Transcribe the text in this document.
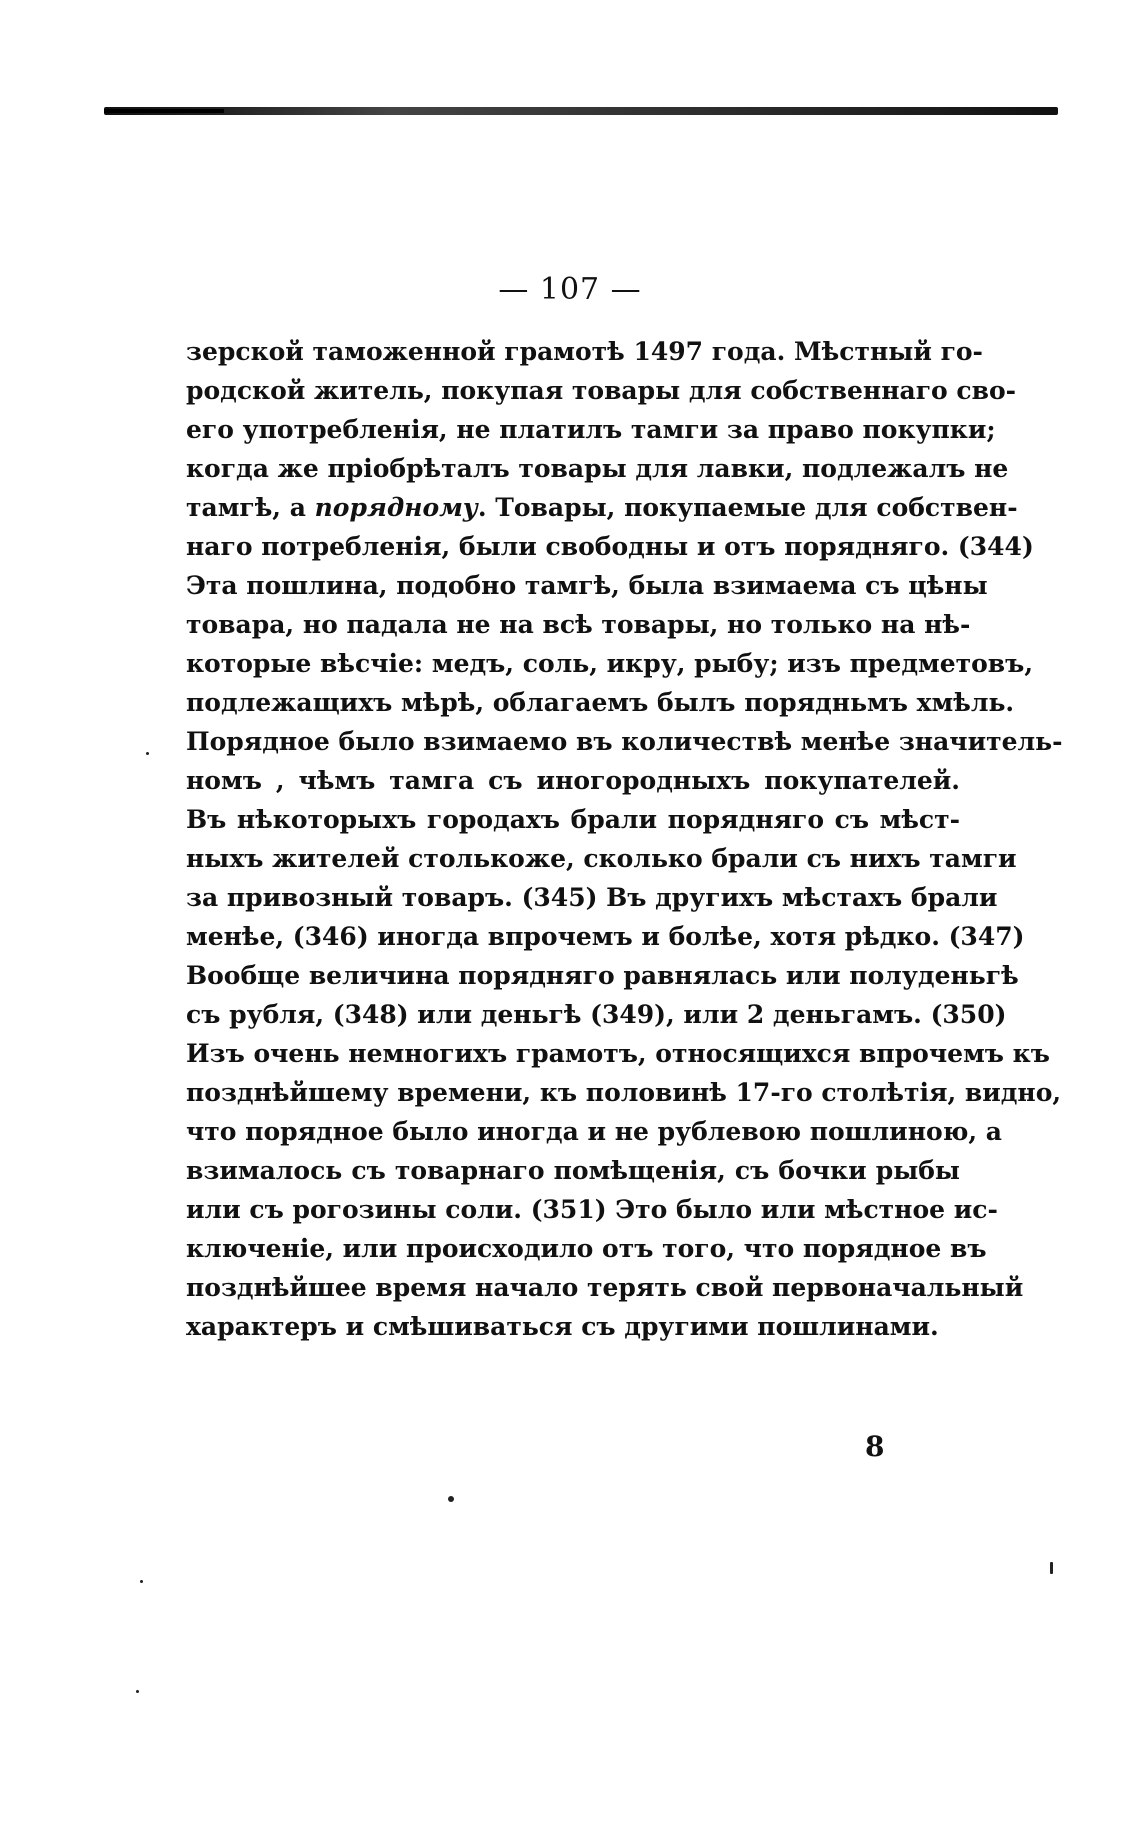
— 107 —
зерской таможенной грамотѣ 1497 года. Мѣстный го-
родской житель, покупая товары для собственнаго сво-
его употребленія, не платилъ тамги за право покупки;
когда же пріобрѣталъ товары для лавки, подлежалъ не
тамгѣ, а порядному. Товары, покупаемые для собствен-
наго потребленія, были свободны и отъ порядняго. (344)
Эта пошлина, подобно тамгѣ, была взимаема съ цѣны
товара, но падала не на всѣ товары, но только на нѣ-
которые вѣсчіе: медъ, соль, икру, рыбу; изъ предметовъ,
подлежащихъ мѣрѣ, облагаемъ былъ порядньмъ хмѣль.
Порядное было взимаемо въ количествѣ менѣе значитель-
номъ , чѣмъ тамга съ иногородныхъ покупателей.
Въ нѣкоторыхъ городахъ брали порядняго съ мѣст-
ныхъ жителей столькоже, сколько брали съ нихъ тамги
за привозный товаръ. (345) Въ другихъ мѣстахъ брали
менѣе, (346) иногда впрочемъ и болѣе, хотя рѣдко. (347)
Вообще величина порядняго равнялась или полуденьгѣ
съ рубля, (348) или деньгѣ (349), или 2 деньгамъ. (350)
Изъ очень немногихъ грамотъ, относящихся впрочемъ къ
позднѣйшему времени, къ половинѣ 17-го столѣтія, видно,
что порядное было иногда и не рублевою пошлиною, а
взималось съ товарнаго помѣщенія, съ бочки рыбы
или съ рогозины соли. (351) Это было или мѣстное ис-
ключеніе, или происходило отъ того, что порядное въ
позднѣйшее время начало терять свой первоначальный
характеръ и смѣшиваться съ другими пошлинами.
8
